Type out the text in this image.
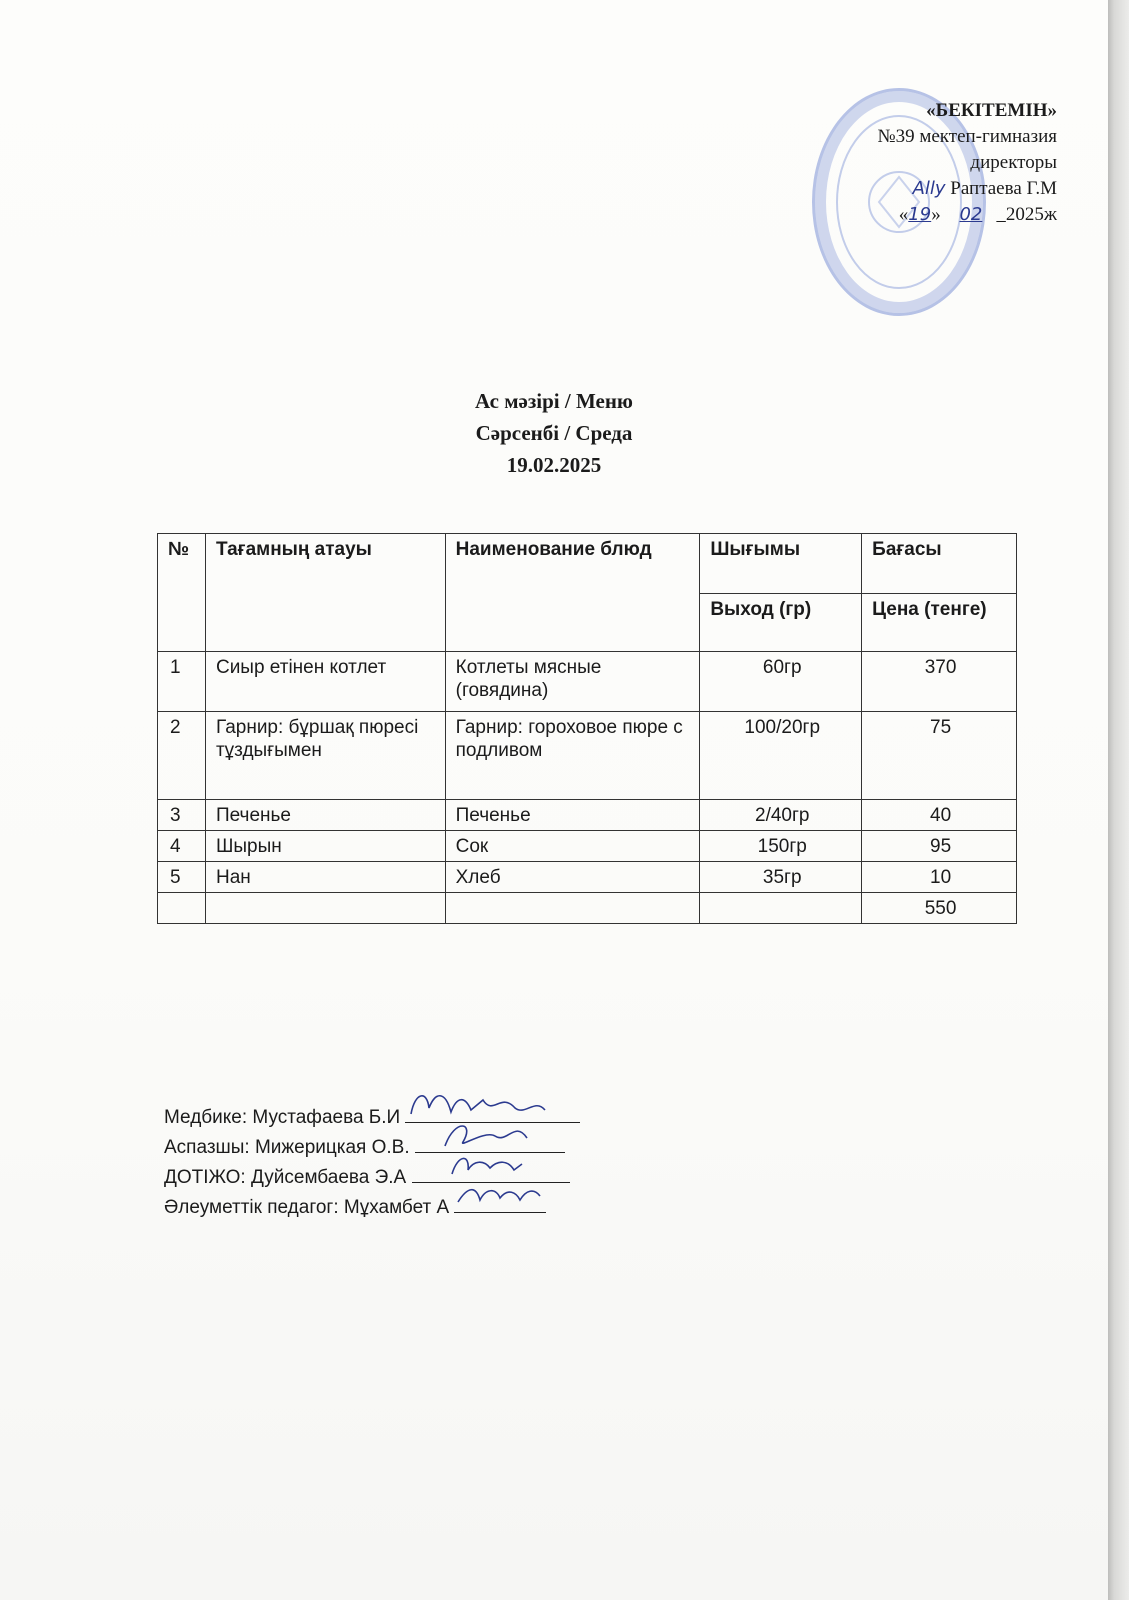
«БЕКІТЕМІН»
№39 мектеп-гимназия
директоры
Ally Раптаева Г.М
«19» 02 2025ж
Ас мәзірі / Меню
Сәрсенбі / Среда
19.02.2025
№	Тағамның атауы	Наименование блюд	Шығымы	Бағасы
			Выход (гр)	Цена (тенге)
1	Сиыр етінен котлет	Котлеты мясные (говядина)	60гр	370
2	Гарнир: бұршақ пюресі тұздығымен	Гарнир: гороховое пюре с подливом	100/20гр	75
3	Печенье	Печенье	2/40гр	40
4	Шырын	Сок	150гр	95
5	Нан	Хлеб	35гр	10
				550
Медбике: Мустафаева Б.И
Аспазшы: Мижерицкая О.В.
ДОТІЖО: Дуйсембаева Э.А
Әлеуметтік педагог: Мұхамбет А
